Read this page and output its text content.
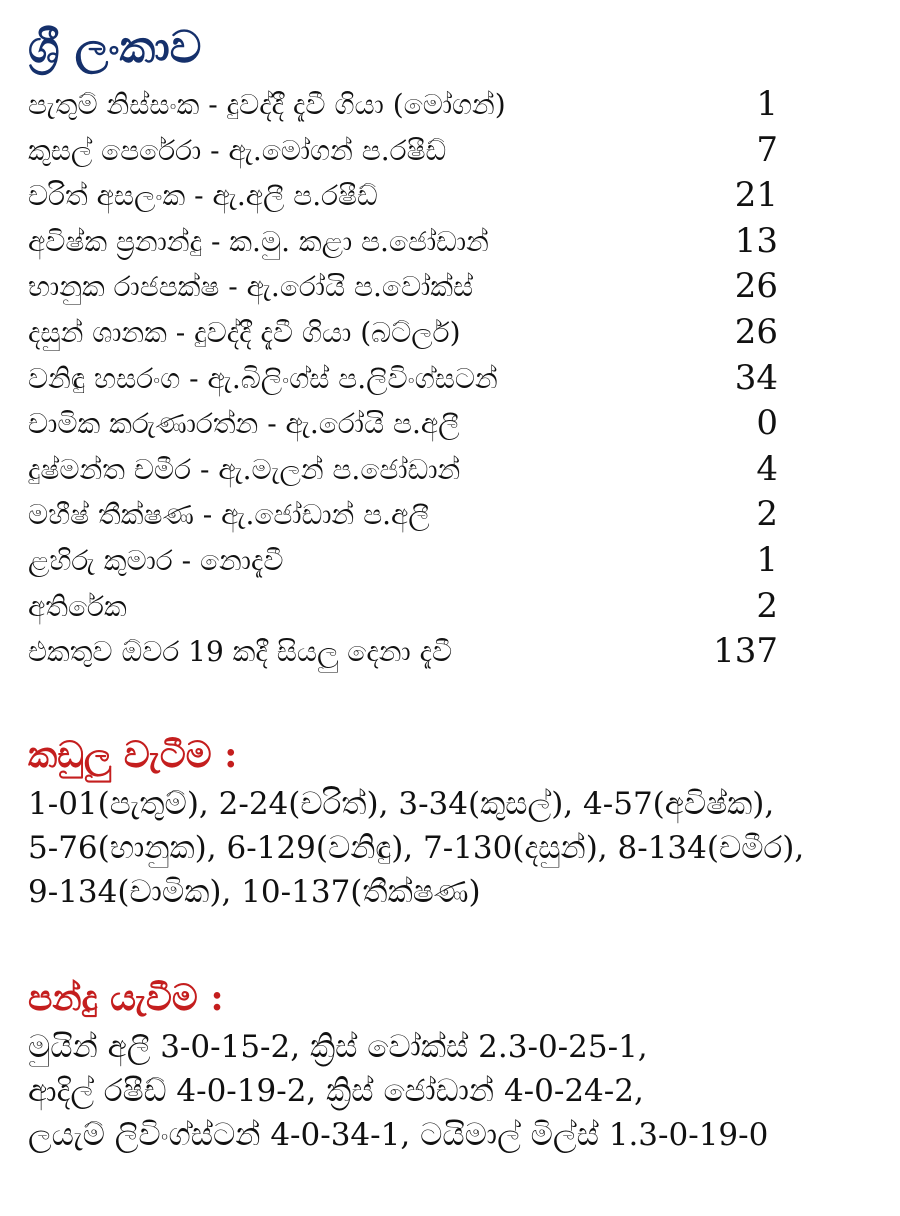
ශ්‍රී ලංකාව
පැතුම් නිස්සංක - දුවද්දී දැවී ගියා (මෝගන්)	1
කුසල් පෙරේරා - ඇ.මෝගන් ප.රෂීඩ්	7
චරිත් අසලංක - ඇ.අලී ප.රෂීඩ්	21
අවිෂ්ක ප්‍රනාන්දු - ක.මු. කළා ප.ජෝඩාන්	13
භානුක රාජපක්ෂ - ඇ.රෝයි ප.වෝක්ස්	26
දසුන් ශානක - දුවද්දී දැවී ගියා (බට්ලර්)	26
වනිඳු හසරංග - ඇ.බිලිංග්ස් ප.ලිවිංග්සටන්	34
චාමික කරුණාරත්න - ඇ.රෝයි ප.අලී	0
දුෂ්මන්ත චමීර - ඇ.මැලන් ප.ජෝඩාන්	4
මහීෂ් තීක්ෂණ - ඇ.ජෝඩාන් ප.අලී	2
ළහිරු කුමාර - නොදැවී	1
අතිරේක	2
එකතුව ඕවර 19 කදී සියලු දෙනා දැවී	137
කඩුලු වැටීම :

1-01(පැතුම්), 2-24(චරිත්), 3-34(කුසල්), 4-57(අවිෂ්ක),
5-76(භානුක), 6-129(වනිඳු), 7-130(දසුන්), 8-134(චමීර),
9-134(චාමික), 10-137(තීක්ෂණ)

පන්දු යැවීම :

මුයින් අලී 3-0-15-2, ක්‍රිස් වෝක්ස් 2.3-0-25-1,
ආදිල් රෂීඩ් 4-0-19-2, ක්‍රිස් ජෝඩාන් 4-0-24-2,
ලයැම් ලිවිංග්ස්ටන් 4-0-34-1, ටයිමාල් මිල්ස් 1.3-0-19-0
